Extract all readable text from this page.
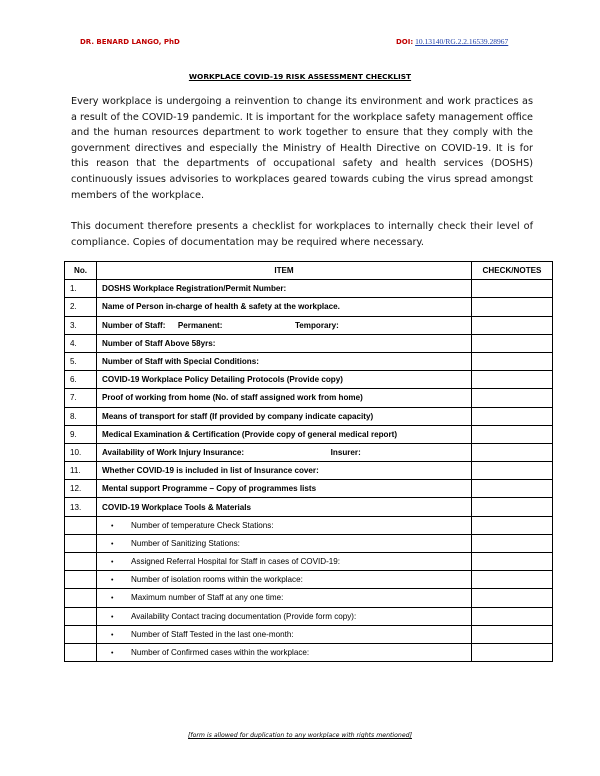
DR. BENARD LANGO, PhD	DOI: 10.13140/RG.2.2.16539.28967
WORKPLACE COVID-19 RISK ASSESSMENT CHECKLIST
Every workplace is undergoing a reinvention to change its environment and work practices as a result of the COVID-19 pandemic. It is important for the workplace safety management office and the human resources department to work together to ensure that they comply with the government directives and especially the Ministry of Health Directive on COVID-19. It is for this reason that the departments of occupational safety and health services (DOSHS) continuously issues advisories to workplaces geared towards cubing the virus spread amongst members of the workplace.
This document therefore presents a checklist for workplaces to internally check their level of compliance. Copies of documentation may be required where necessary.
No.	ITEM	CHECK/NOTES
1.	DOSHS Workplace Registration/Permit Number:	
2.	Name of Person in-charge of health & safety at the workplace.	
3.	Number of Staff: Permanent: Temporary:	
4.	Number of Staff Above 58yrs:	
5.	Number of Staff with Special Conditions:	
6.	COVID-19 Workplace Policy Detailing Protocols (Provide copy)	
7.	Proof of working from home (No. of staff assigned work from home)	
8.	Means of transport for staff (If provided by company indicate capacity)	
9.	Medical Examination & Certification (Provide copy of general medical report)	
10.	Availability of Work Injury Insurance: Insurer:	
11.	Whether COVID-19 is included in list of Insurance cover:	
12.	Mental support Programme – Copy of programmes lists	
13.	COVID-19 Workplace Tools & Materials	
	• Number of temperature Check Stations:	
	• Number of Sanitizing Stations:	
	• Assigned Referral Hospital for Staff in cases of COVID-19:	
	• Number of isolation rooms within the workplace:	
	• Maximum number of Staff at any one time:	
	• Availability Contact tracing documentation (Provide form copy):	
	• Number of Staff Tested in the last one-month:	
	• Number of Confirmed cases within the workplace:	
[form is allowed for duplication to any workplace with rights mentioned]
